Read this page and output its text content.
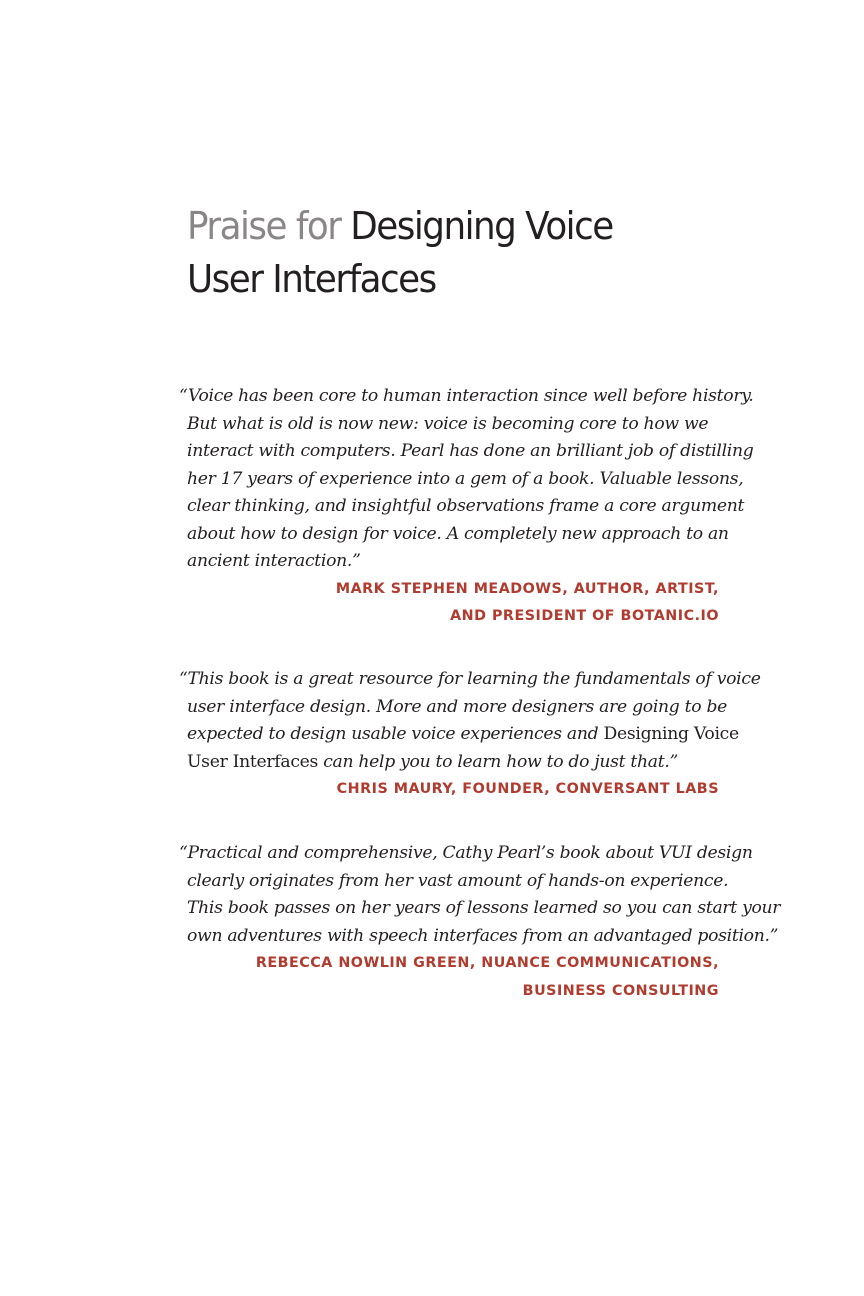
Praise for Designing Voice
User Interfaces

“Voice has been core to human interaction since well before history.
But what is old is now new: voice is becoming core to how we
interact with computers. Pearl has done an brilliant job of distilling
her 17 years of experience into a gem of a book. Valuable lessons,
clear thinking, and insightful observations frame a core argument
about how to design for voice. A completely new approach to an
ancient interaction.”

MARK STEPHEN MEADOWS, AUTHOR, ARTIST,
AND PRESIDENT OF BOTANIC.IO

“This book is a great resource for learning the fundamentals of voice
user interface design. More and more designers are going to be
expected to design usable voice experiences and Designing Voice
User Interfaces can help you to learn how to do just that.”

CHRIS MAURY, FOUNDER, CONVERSANT LABS

“Practical and comprehensive, Cathy Pearl’s book about VUI design
clearly originates from her vast amount of hands-on experience.
This book passes on her years of lessons learned so you can start your
own adventures with speech interfaces from an advantaged position.”

REBECCA NOWLIN GREEN, NUANCE COMMUNICATIONS,
BUSINESS CONSULTING
